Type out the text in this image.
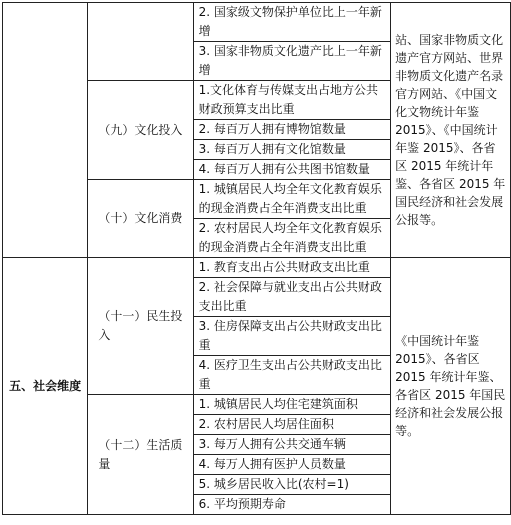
		2. 国家级文物保护单位比上一年新增	站、国家非物质文化遗产官方网站、世界非物质文化遗产名录官方网站、《中国文化文物统计年鉴 2015》、《中国统计年鉴 2015》、各省区 2015 年统计年鉴、各省区 2015 年国民经济和社会发展公报等。
		3. 国家非物质文化遗产比上一年新增	
	（九）文化投入	1.文化体育与传媒支出占地方公共财政预算支出比重	
		2. 每百万人拥有博物馆数量	
		3. 每百万人拥有文化馆数量	
		4. 每百万人拥有公共图书馆数量	
	（十）文化消费	1. 城镇居民人均全年文化教育娱乐的现金消费占全年消费支出比重	
		2. 农村居民人均全年文化教育娱乐的现金消费占全年消费支出比重	
五、社会维度	（十一）民生投入	1. 教育支出占公共财政支出比重	《中国统计年鉴 2015》、各省区 2015 年统计年鉴、各省区 2015 年国民经济和社会发展公报等。
		2. 社会保障与就业支出占公共财政支出比重	
		3. 住房保障支出占公共财政支出比重	
		4. 医疗卫生支出占公共财政支出比重	
	（十二）生活质量	1. 城镇居民人均住宅建筑面积	
		2. 农村居民人均居住面积	
		3. 每万人拥有公共交通车辆	
		4. 每万人拥有医护人员数量	
		5. 城乡居民收入比(农村=1)	
		6. 平均预期寿命	
